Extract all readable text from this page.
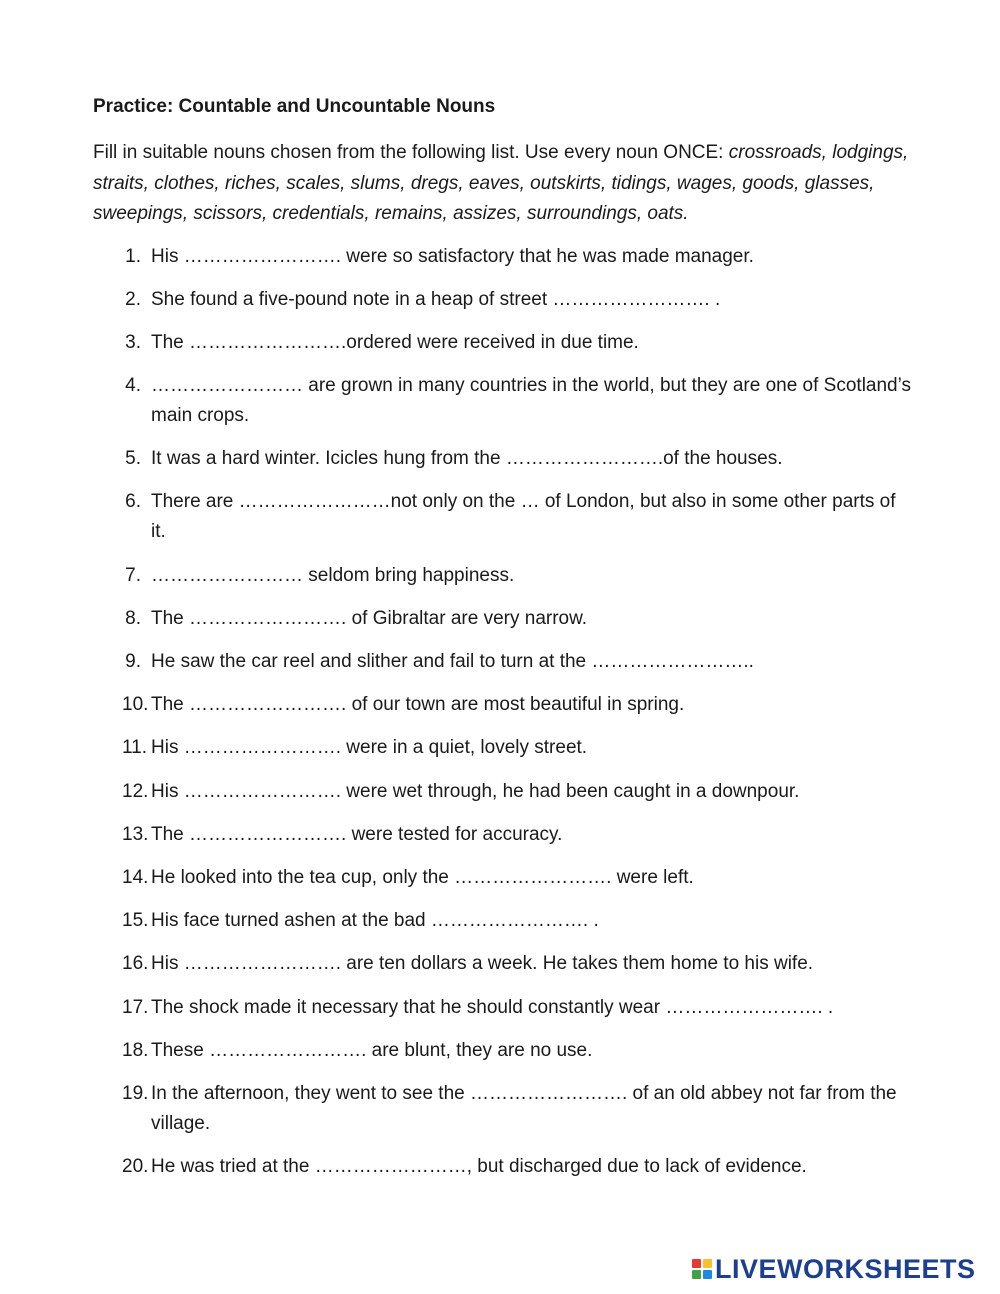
Practice: Countable and Uncountable Nouns
Fill in suitable nouns chosen from the following list. Use every noun ONCE: crossroads, lodgings, straits, clothes, riches, scales, slums, dregs, eaves, outskirts, tidings, wages, goods, glasses, sweepings, scissors, credentials, remains, assizes, surroundings, oats.
1. His ……………………. were so satisfactory that he was made manager.
2. She found a five-pound note in a heap of street ……………………. .
3. The …………………….ordered were received in due time.
4. …………………… are grown in many countries in the world, but they are one of Scotland’s main crops.
5. It was a hard winter. Icicles hung from the …………………….of the houses.
6. There are ……………………not only on the … of London, but also in some other parts of it.
7. …………………… seldom bring happiness.
8. The ……………………. of Gibraltar are very narrow.
9. He saw the car reel and slither and fail to turn at the ……………………..
10. The ……………………. of our town are most beautiful in spring.
11. His ……………………. were in a quiet, lovely street.
12. His ……………………. were wet through, he had been caught in a downpour.
13. The ……………………. were tested for accuracy.
14. He looked into the tea cup, only the ……………………. were left.
15. His face turned ashen at the bad ……………………. .
16. His ……………………. are ten dollars a week. He takes them home to his wife.
17. The shock made it necessary that he should constantly wear ……………………. .
18. These ……………………. are blunt, they are no use.
19. In the afternoon, they went to see the ……………………. of an old abbey not far from the village.
20. He was tried at the ……………………, but discharged due to lack of evidence.
LIVEWORKSHEETS
